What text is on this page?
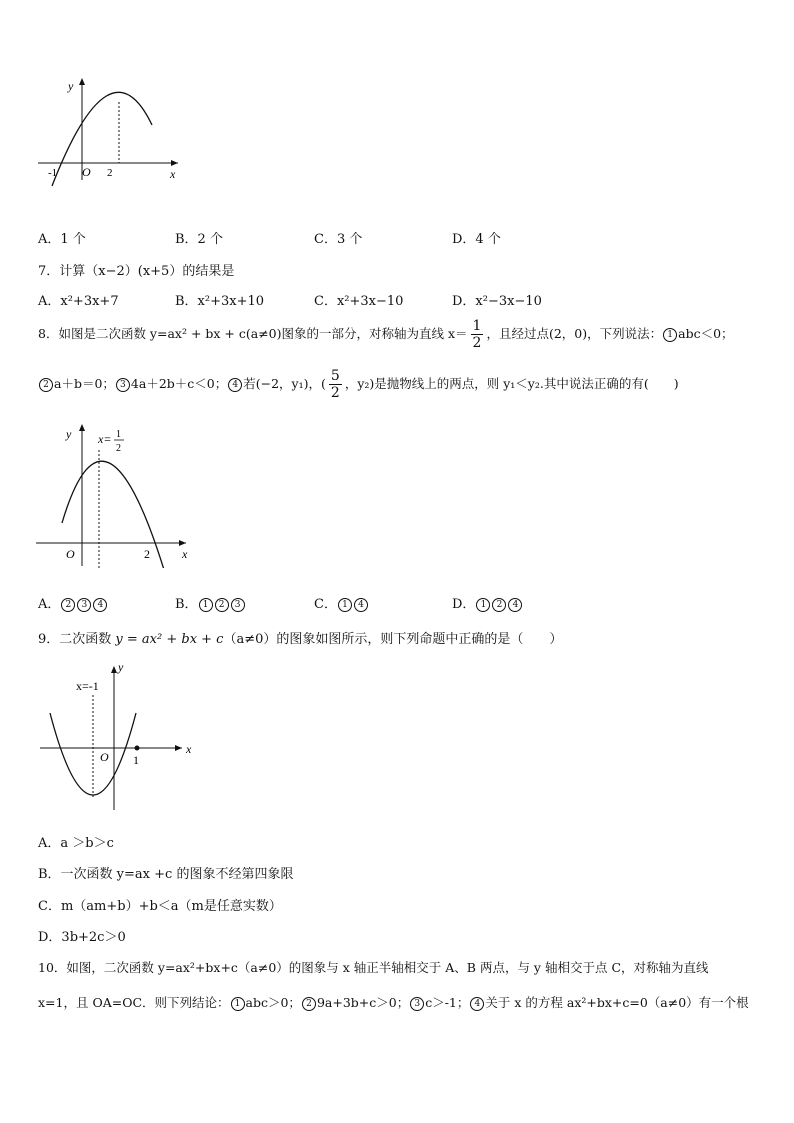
y
x
O
-1	2
A．1 个	B．2 个	C．3 个	D．4 个
7．计算（x−2）(x+5）的结果是
A．x²+3x+7	B．x²+3x+10	C．x²+3x−10	D．x²−3x−10
8．如图是二次函数 y=ax² + bx + c(a≠0)图象的一部分，对称轴为直线 $x= \frac{1}{2}$ ，且经过点(2，0)，下列说法： 1 abc＜0；
2 a＋b＝0； 3 4a＋2b＋c＜0； 4 若(−2，y₁)，( $\frac{5}{2}$ ，y₂)是抛物线上的两点，则 y₁＜y₂.其中说法正确的有(　　)
y
x
O	2
x= 1
2
A． 2 3 4	B． 1 2 3	C． 1 4	D． 1 2 4
9．二次函数 y = ax² + bx + c（a≠0）的图象如图所示，则下列命题中正确的是（　　）
y
x
O 1
x=-1
A．a ＞b＞c
B．一次函数 y=ax +c 的图象不经第四象限
C．m（am+b）+b＜a（m是任意实数）
D．3b+2c＞0
10．如图，二次函数 y=ax²+bx+c（a≠0）的图象与 x 轴正半轴相交于 A、B 两点，与 y 轴相交于点 C，对称轴为直线
x=1，且 OA=OC．则下列结论： 1 abc＞0； 2 9a+3b+c＞0； 3 c＞-1； 4 关于 x 的方程 ax²+bx+c=0（a≠0）有一个根
